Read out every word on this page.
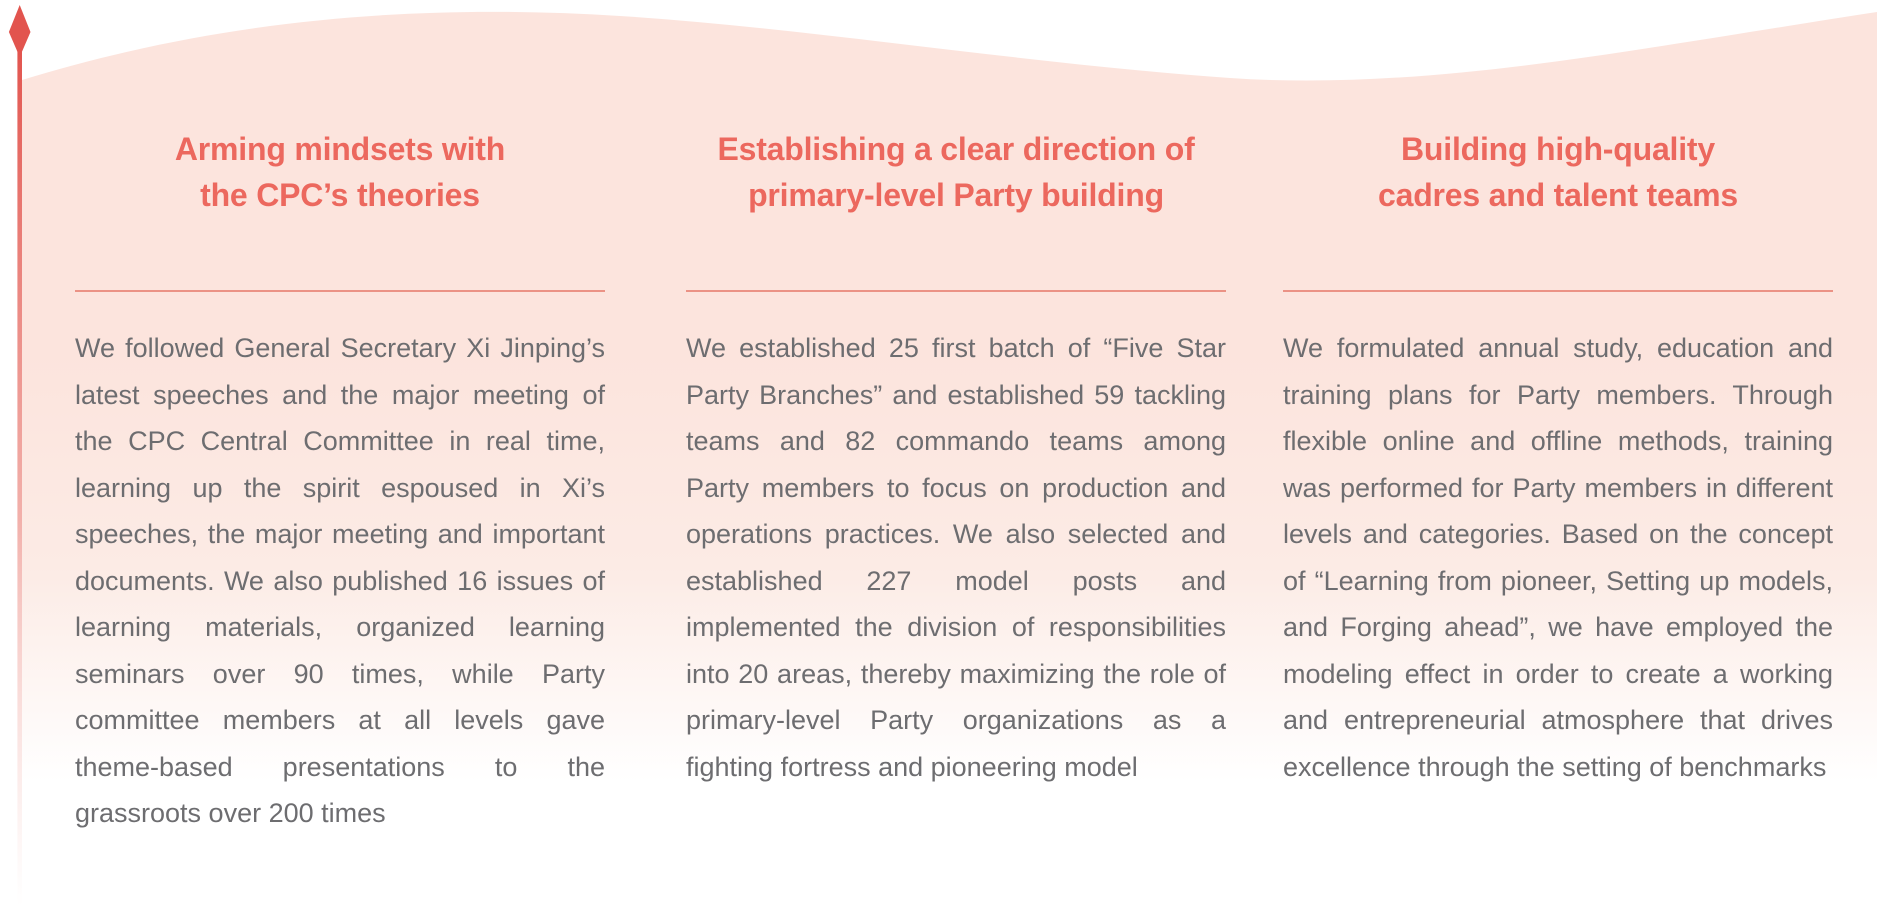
Arming mindsets with
the CPC’s theories

We followed General Secretary Xi Jinping’s latest speeches and the major meeting of the CPC Central Committee in real time, learning up the spirit espoused in Xi’s speeches, the major meeting and important documents. We also published 16 issues of learning materials, organized learning seminars over 90 times, while Party committee members at all levels gave theme-based presentations to the grassroots over 200 times

Establishing a clear direction of
primary-level Party building

We established 25 first batch of “Five Star Party Branches” and established 59 tackling teams and 82 commando teams among Party members to focus on production and operations practices. We also selected and established 227 model posts and implemented the division of responsibilities into 20 areas, thereby maximizing the role of primary-level Party organizations as a fighting fortress and pioneering model

Building high-quality
cadres and talent teams

We formulated annual study, education and training plans for Party members. Through flexible online and offline methods, training was performed for Party members in different levels and categories. Based on the concept of “Learning from pioneer, Setting up models, and Forging ahead”, we have employed the modeling effect in order to create a working and entrepreneurial atmosphere that drives excellence through the setting of benchmarks
